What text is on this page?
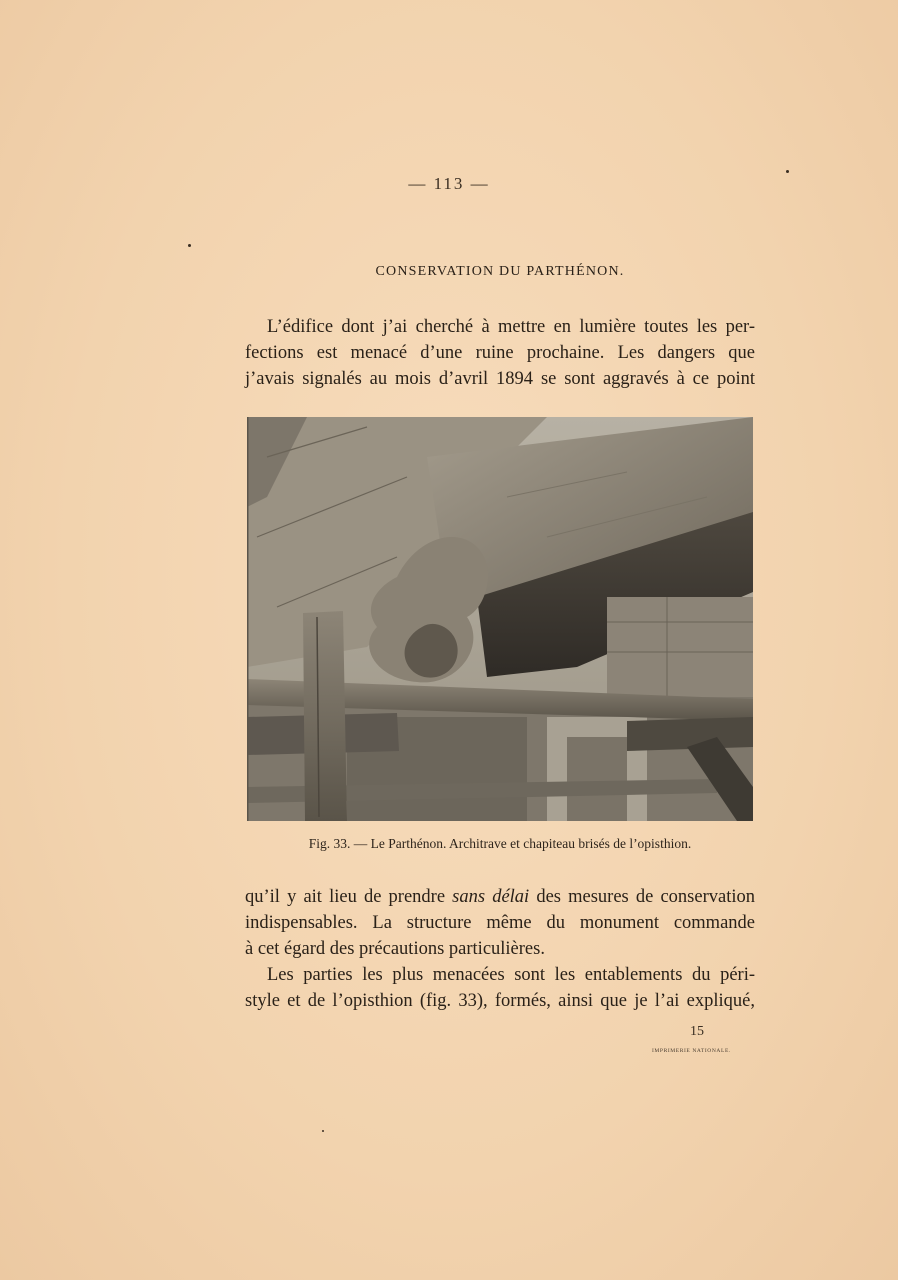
— 113 —
CONSERVATION DU PARTHÉNON.
L’édifice dont j’ai cherché à mettre en lumière toutes les per-
fections est menacé d’une ruine prochaine. Les dangers que
j’avais signalés au mois d’avril 1894 se sont aggravés à ce point
Fig. 33. — Le Parthénon. Architrave et chapiteau brisés de l’opisthion.
qu’il y ait lieu de prendre sans délai des mesures de conservation
indispensables. La structure même du monument commande
à cet égard des précautions particulières.
Les parties les plus menacées sont les entablements du péri-
style et de l’opisthion (fig. 33), formés, ainsi que je l’ai expliqué,
15
IMPRIMERIE NATIONALE.
